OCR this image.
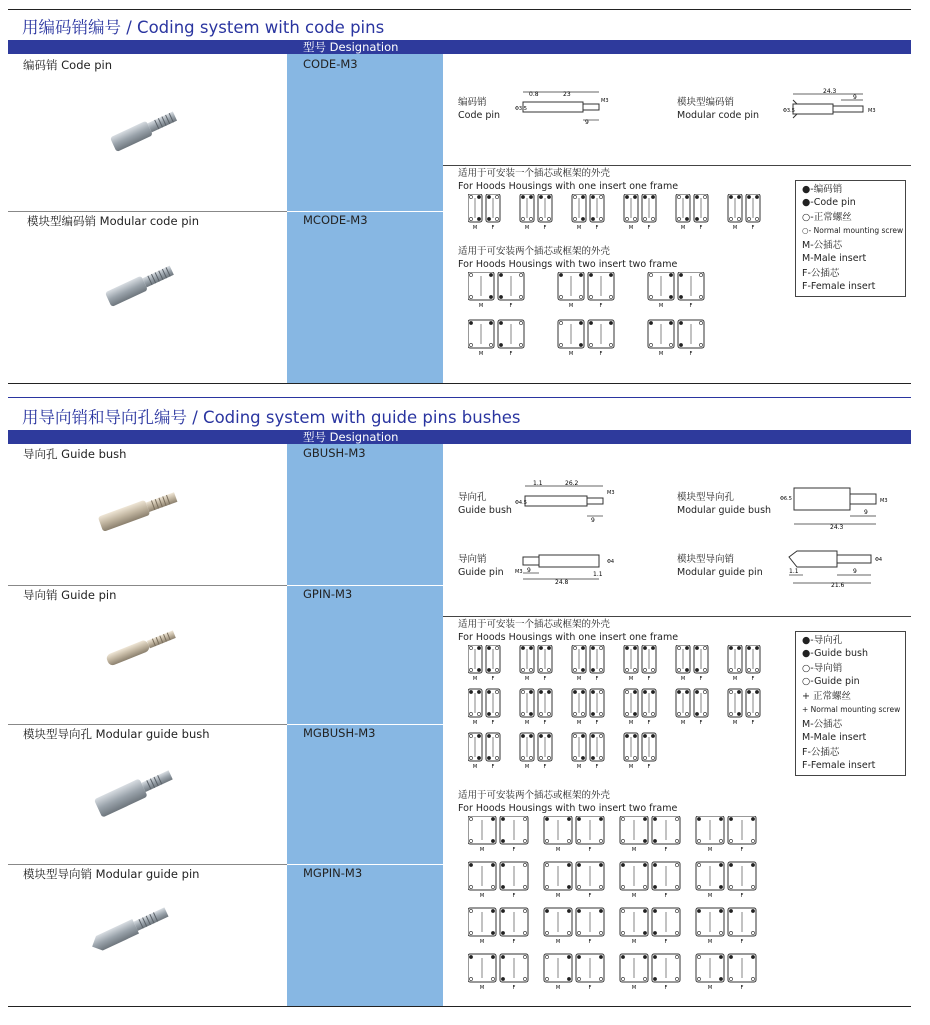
用编码销编号 / Coding system with code pins
型号 Designation
编码销 Code pin	CODE-M3
模块型编码销 Modular code pin	MCODE-M3
编码销
Code pin
0.8	23
M3
9
Φ3.5
模块型编码销
Modular code pin
24.3
9
M3
Φ3.5
适用于可安装一个插芯或框架的外壳
For Hoods Housings with one insert one frame
M	F	M	F	M	F	M	F	M	F	M	F
适用于可安装两个插芯或框架的外壳
For Hoods Housings with two insert two frame
M	F	M	F	M	F
M	F	M	F	M	F
●-编码销
●-Code pin
○-正常螺丝
○- Normal mounting screw
M-公插芯
M-Male insert
F-公插芯
F-Female insert
用导向销和导向孔编号 / Coding system with guide pins bushes
型号 Designation
导向孔 Guide bush	GBUSH-M3
导向销 Guide pin	GPIN-M3
模块型导向孔 Modular guide bush	MGBUSH-M3
模块型导向销 Modular guide pin	MGPIN-M3
导向孔
Guide bush
1.1	26.2
M3
9
Φ4.5	模块型导向孔
Modular guide bush
Φ6.5	M3
9
24.3
导向销
Guide pin	9
24.8
1.1
M3
Φ4	模块型导向销
Modular guide pin	1.1	9
21.6
Φ4
适用于可安装一个插芯或框架的外壳
For Hoods Housings with one insert one frame
M	F	M	F	M	F	M	F	M	F	M	F
M	F	M	F	M	F	M	F	M	F	M	F
M	F	M	F	M	F	M	F
适用于可安装两个插芯或框架的外壳
For Hoods Housings with two insert two frame
M	F	M	F	M	F	M	F
M	F	M	F	M	F	M	F
M	F	M	F	M	F	M	F
M	F	M	F	M	F	M	F
●-导向孔
●-Guide bush
○-导向销
○-Guide pin
+ 正常螺丝
+ Normal mounting screw
M-公插芯
M-Male insert
F-公插芯
F-Female insert
